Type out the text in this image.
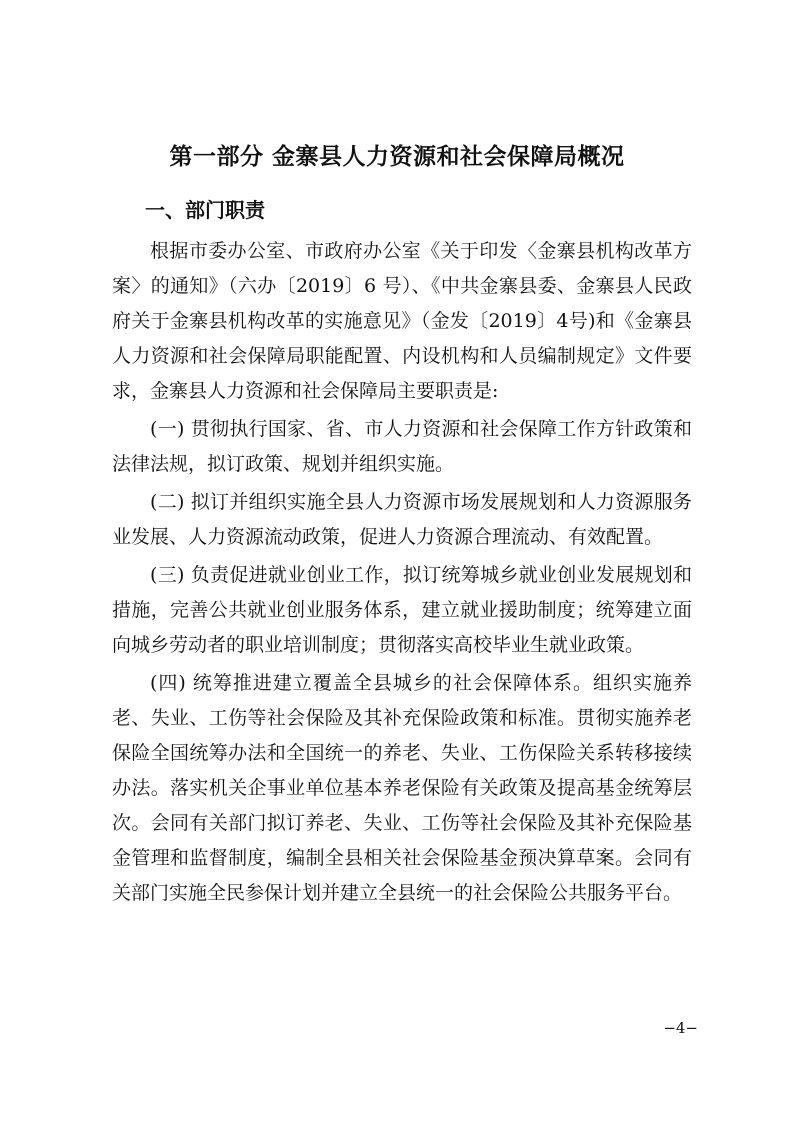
第一部分 金寨县人力资源和社会保障局概况
一、部门职责

根据市委办公室、市政府办公室《关于印发〈金寨县机构改革方案〉的通知》（六办〔2019〕6 号）、《中共金寨县委、金寨县人民政府关于金寨县机构改革的实施意见》（金发〔2019〕4号)和《金寨县人力资源和社会保障局职能配置、内设机构和人员编制规定》文件要求，金寨县人力资源和社会保障局主要职责是:

(一) 贯彻执行国家、省、市人力资源和社会保障工作方针政策和法律法规，拟订政策、规划并组织实施。

(二) 拟订并组织实施全县人力资源市场发展规划和人力资源服务业发展、人力资源流动政策，促进人力资源合理流动、有效配置。

(三) 负责促进就业创业工作，拟订统筹城乡就业创业发展规划和措施，完善公共就业创业服务体系，建立就业援助制度；统筹建立面向城乡劳动者的职业培训制度；贯彻落实高校毕业生就业政策。

(四) 统筹推进建立覆盖全县城乡的社会保障体系。组织实施养老、失业、工伤等社会保险及其补充保险政策和标准。贯彻实施养老保险全国统筹办法和全国统一的养老、失业、工伤保险关系转移接续办法。落实机关企事业单位基本养老保险有关政策及提高基金统筹层次。会同有关部门拟订养老、失业、工伤等社会保险及其补充保险基金管理和监督制度，编制全县相关社会保险基金预决算草案。会同有关部门实施全民参保计划并建立全县统一的社会保险公共服务平台。

−4−
